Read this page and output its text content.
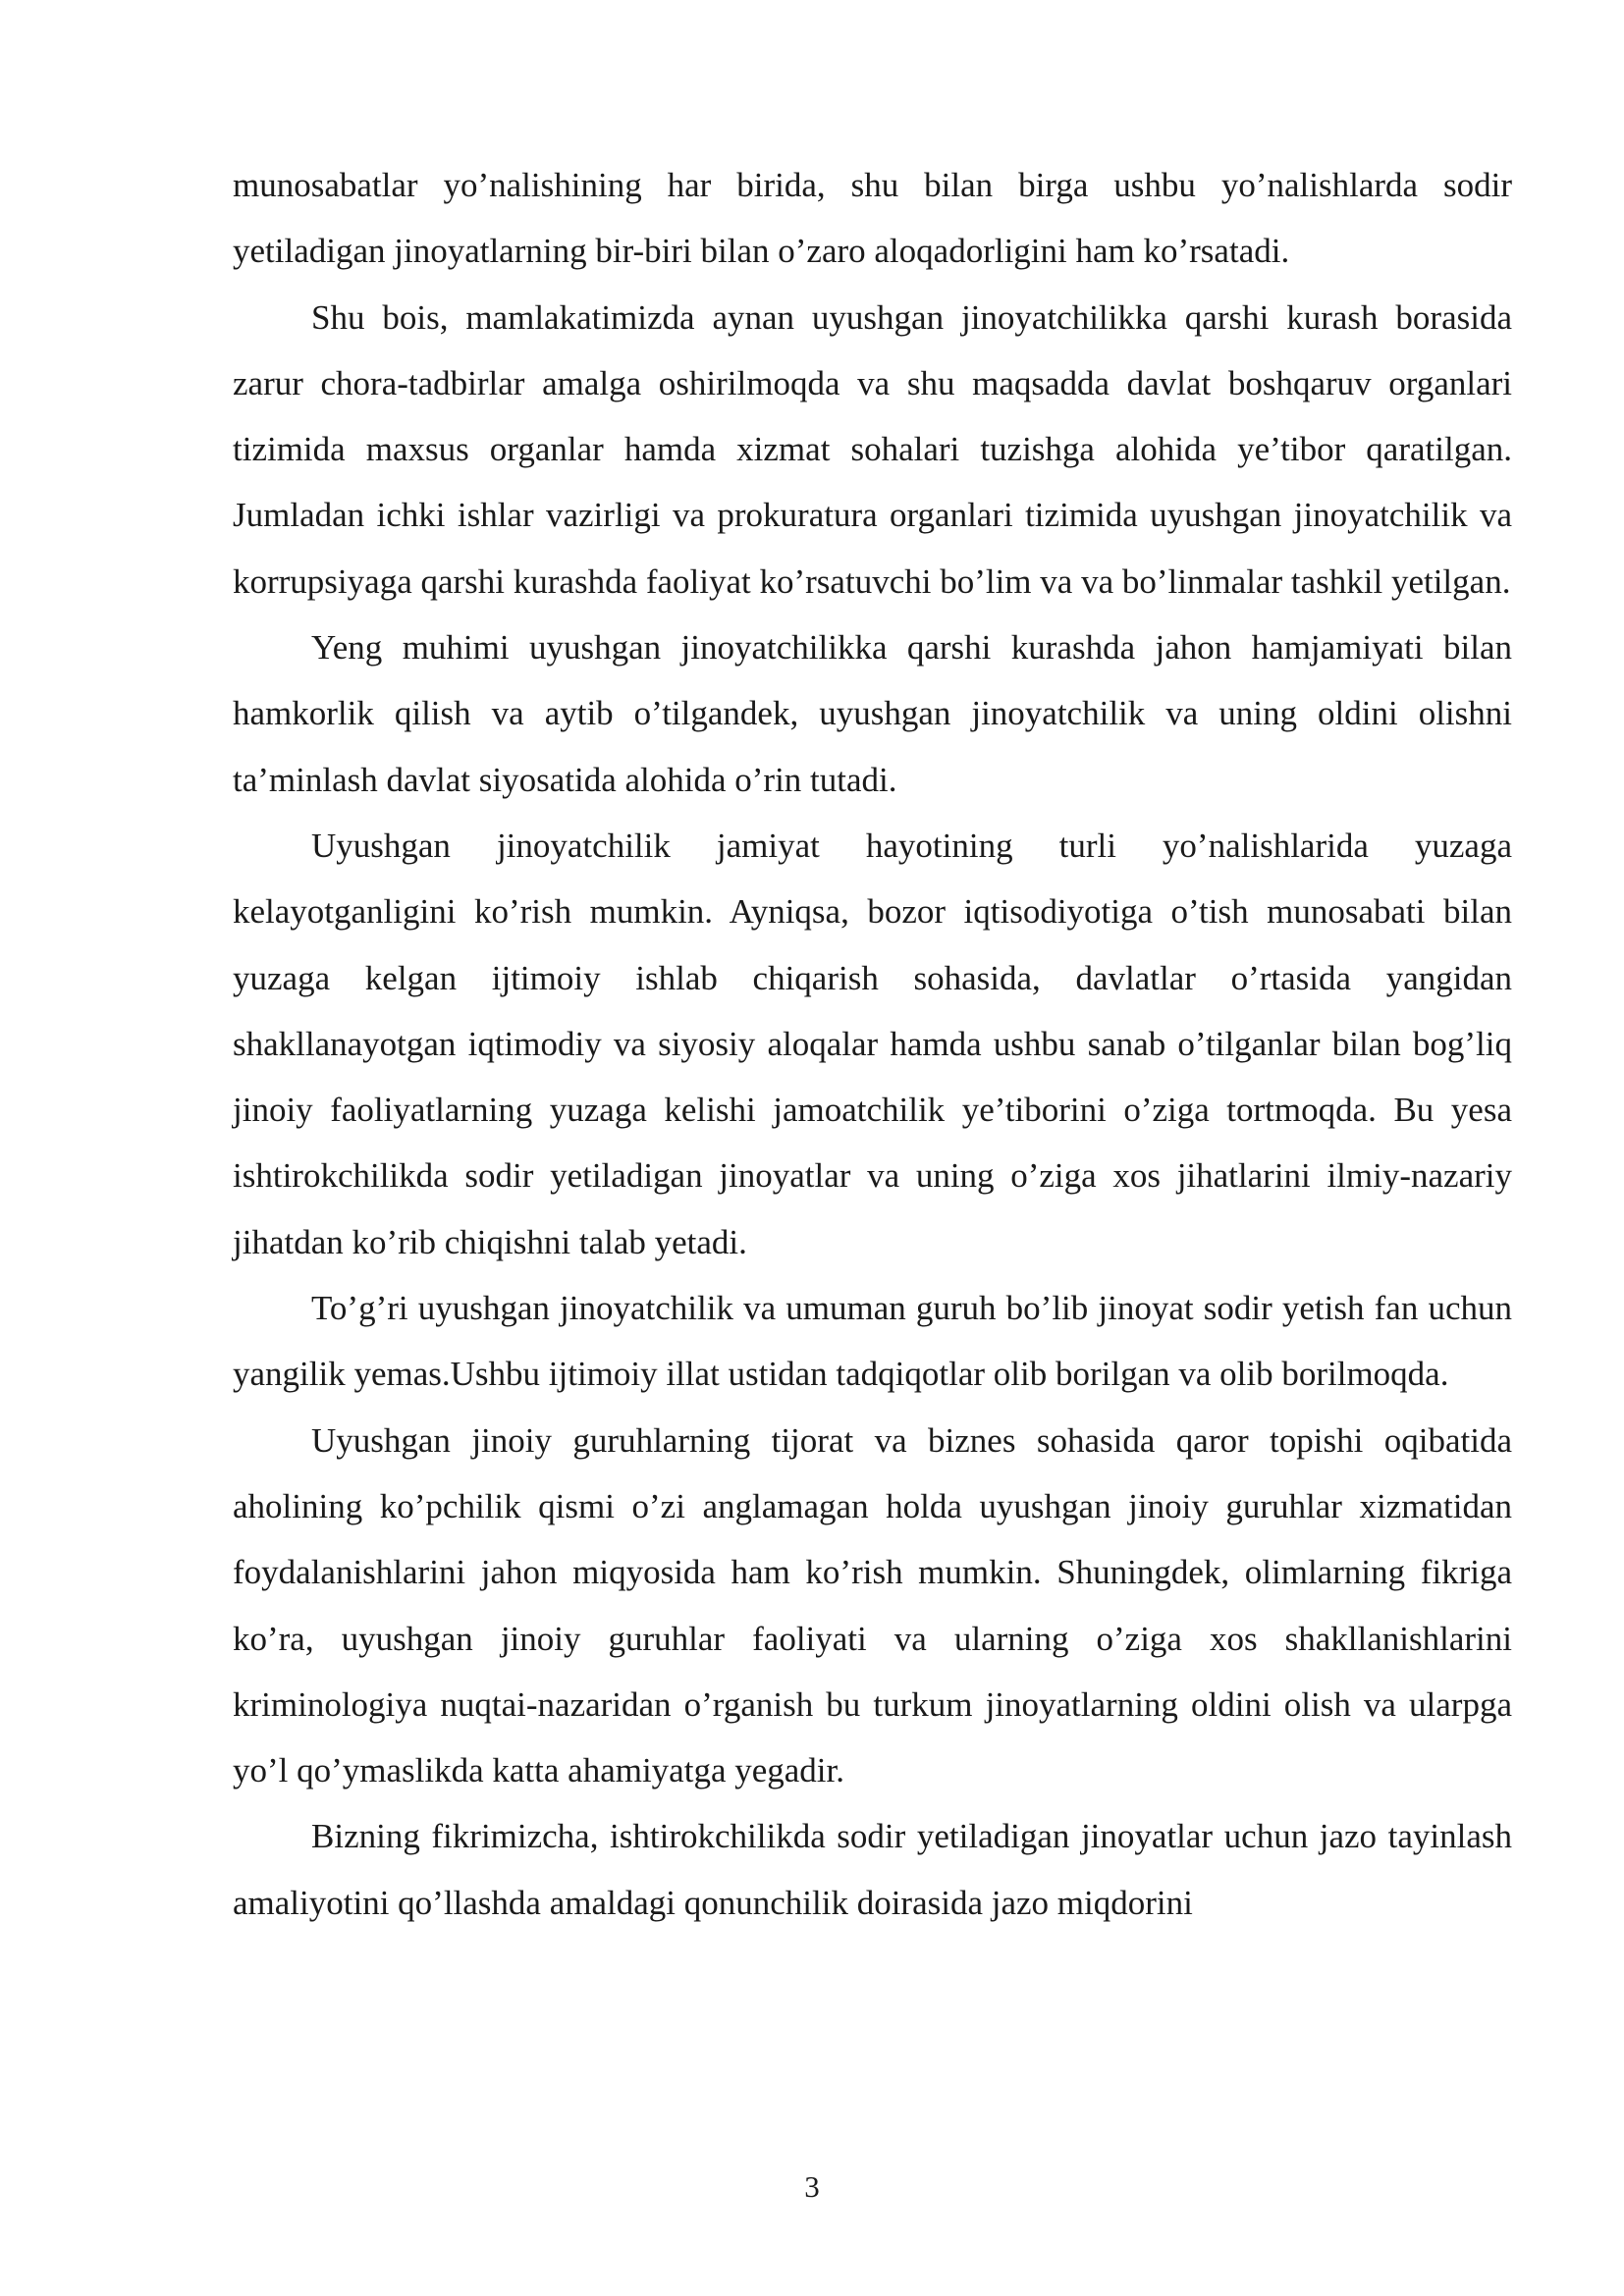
munosabatlar yo’nalishining har birida, shu bilan birga ushbu yo’nalishlarda sodir yetiladigan jinoyatlarning bir-biri bilan o’zaro aloqadorligini ham ko’rsatadi.

Shu bois, mamlakatimizda aynan uyushgan jinoyatchilikka qarshi kurash borasida zarur chora-tadbirlar amalga oshirilmoqda va shu maqsadda davlat boshqaruv organlari tizimida maxsus organlar hamda xizmat sohalari tuzishga alohida ye’tibor qaratilgan. Jumladan ichki ishlar vazirligi va prokuratura organlari tizimida uyushgan jinoyatchilik va korrupsiyaga qarshi kurashda faoliyat ko’rsatuvchi bo’lim va va bo’linmalar tashkil yetilgan.

Yeng muhimi uyushgan jinoyatchilikka qarshi kurashda jahon hamjamiyati bilan hamkorlik qilish va aytib o’tilgandek, uyushgan jinoyatchilik va uning oldini olishni ta’minlash davlat siyosatida alohida o’rin tutadi.

Uyushgan jinoyatchilik jamiyat hayotining turli yo’nalishlarida yuzaga kelayotganligini ko’rish mumkin. Ayniqsa, bozor iqtisodiyotiga o’tish munosabati bilan yuzaga kelgan ijtimoiy ishlab chiqarish sohasida, davlatlar o’rtasida yangidan shakllanayotgan iqtimodiy va siyosiy aloqalar hamda ushbu sanab o’tilganlar bilan bog’liq jinoiy faoliyatlarning yuzaga kelishi jamoatchilik ye’tiborini o’ziga tortmoqda. Bu yesa ishtirokchilikda sodir yetiladigan jinoyatlar va uning o’ziga xos jihatlarini ilmiy-nazariy jihatdan ko’rib chiqishni talab yetadi.

To’g’ri uyushgan jinoyatchilik va umuman guruh bo’lib jinoyat sodir yetish fan uchun yangilik yemas.Ushbu ijtimoiy illat ustidan tadqiqotlar olib borilgan va olib borilmoqda.

Uyushgan jinoiy guruhlarning tijorat va biznes sohasida qaror topishi oqibatida aholining ko’pchilik qismi o’zi anglamagan holda uyushgan jinoiy guruhlar xizmatidan foydalanishlarini jahon miqyosida ham ko’rish mumkin. Shuningdek, olimlarning fikriga ko’ra, uyushgan jinoiy guruhlar faoliyati va ularning o’ziga xos shakllanishlarini kriminologiya nuqtai-nazaridan o’rganish bu turkum jinoyatlarning oldini olish va ularpga yo’l qo’ymaslikda katta ahamiyatga yegadir.

Bizning fikrimizcha, ishtirokchilikda sodir yetiladigan jinoyatlar uchun jazo tayinlash amaliyotini qo’llashda amaldagi qonunchilik doirasida jazo miqdorini

3
